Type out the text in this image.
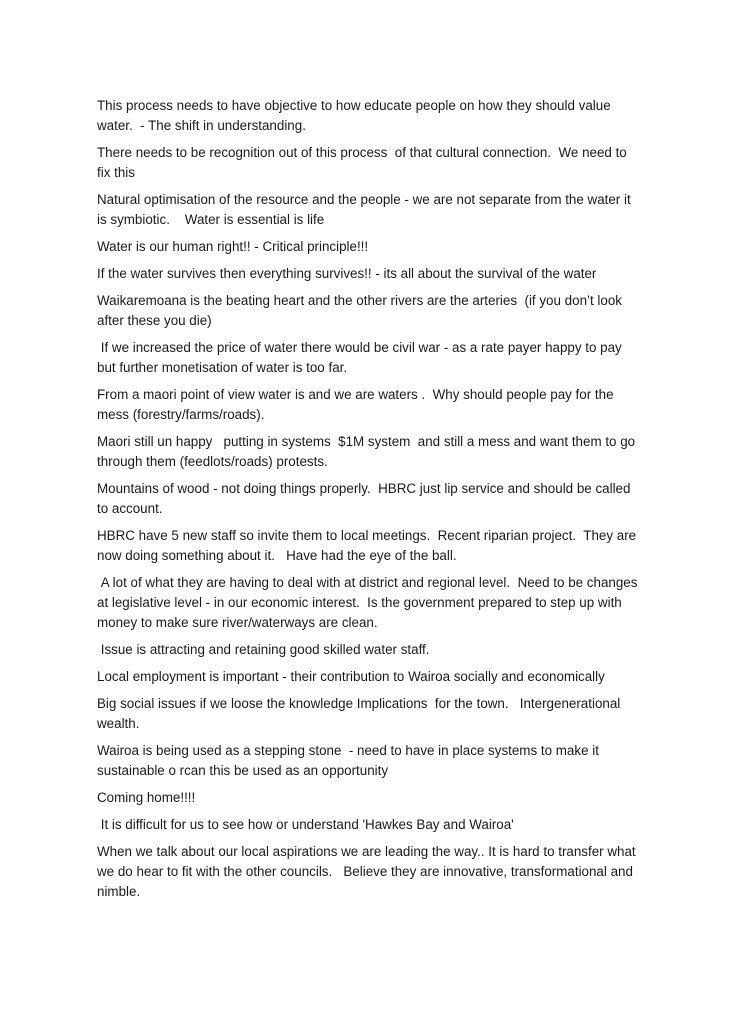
This process needs to have objective to how educate people on how they should value water.  - The shift in understanding.

There needs to be recognition out of this process  of that cultural connection.  We need to fix this

Natural optimisation of the resource and the people - we are not separate from the water it is symbiotic.    Water is essential is life

Water is our human right!! - Critical principle!!!

If the water survives then everything survives!! - its all about the survival of the water

Waikaremoana is the beating heart and the other rivers are the arteries  (if you don’t look after these you die)

If we increased the price of water there would be civil war - as a rate payer happy to pay but further monetisation of water is too far.

From a maori point of view water is and we are waters .  Why should people pay for the mess (forestry/farms/roads).

Maori still un happy   putting in systems  $1M system  and still a mess and want them to go through them (feedlots/roads) protests.

Mountains of wood - not doing things properly.  HBRC just lip service and should be called to account.

HBRC have 5 new staff so invite them to local meetings.  Recent riparian project.  They are now doing something about it.   Have had the eye of the ball.

A lot of what they are having to deal with at district and regional level.  Need to be changes at legislative level - in our economic interest.  Is the government prepared to step up with money to make sure river/waterways are clean.

Issue is attracting and retaining good skilled water staff.

Local employment is important - their contribution to Wairoa socially and economically

Big social issues if we loose the knowledge Implications  for the town.   Intergenerational wealth.

Wairoa is being used as a stepping stone  - need to have in place systems to make it sustainable o rcan this be used as an opportunity

Coming home!!!!

It is difficult for us to see how or understand 'Hawkes Bay and Wairoa'

When we talk about our local aspirations we are leading the way.. It is hard to transfer what we do hear to fit with the other councils.   Believe they are innovative, transformational and nimble.
